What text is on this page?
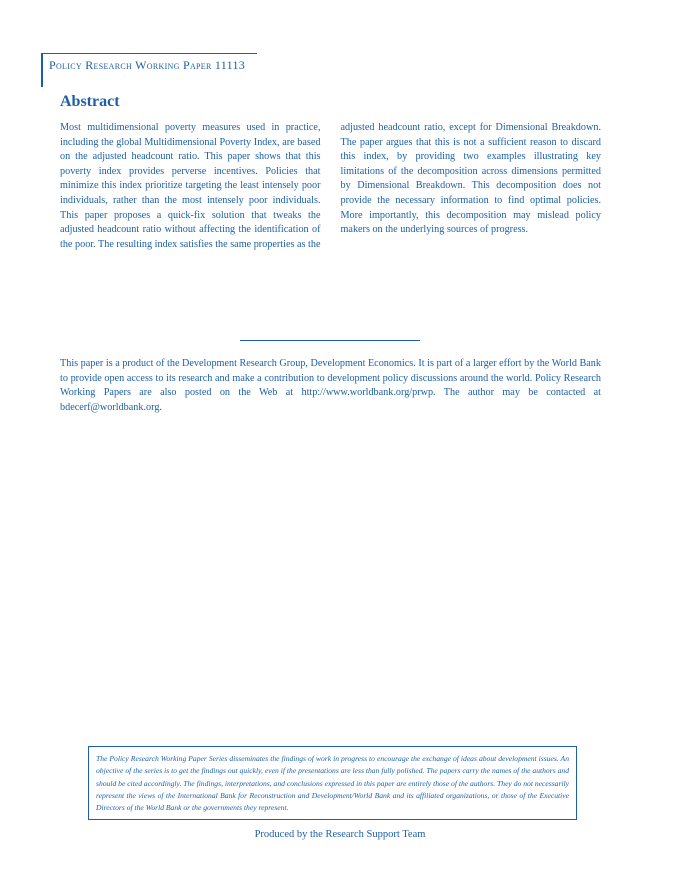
Policy Research Working Paper 11113
Abstract

Most multidimensional poverty measures used in practice, including the global Multidimensional Poverty Index, are based on the adjusted headcount ratio. This paper shows that this poverty index provides perverse incentives. Policies that minimize this index prioritize targeting the least intensely poor individuals, rather than the most intensely poor individuals. This paper proposes a quick-fix solution that tweaks the adjusted headcount ratio without affecting the identification of the poor. The resulting index satisfies the same properties as the adjusted headcount ratio, except for Dimensional Breakdown. The paper argues that this is not a sufficient reason to discard this index, by providing two examples illustrating key limitations of the decomposition across dimensions permitted by Dimensional Breakdown. This decomposition does not provide the necessary information to find optimal policies. More importantly, this decomposition may mislead policy makers on the underlying sources of progress.

This paper is a product of the Development Research Group, Development Economics. It is part of a larger effort by the World Bank to provide open access to its research and make a contribution to development policy discussions around the world. Policy Research Working Papers are also posted on the Web at http://www.worldbank.org/prwp. The author may be contacted at bdecerf@worldbank.org.

The Policy Research Working Paper Series disseminates the findings of work in progress to encourage the exchange of ideas about development issues. An objective of the series is to get the findings out quickly, even if the presentations are less than fully polished. The papers carry the names of the authors and should be cited accordingly. The findings, interpretations, and conclusions expressed in this paper are entirely those of the authors. They do not necessarily represent the views of the International Bank for Reconstruction and Development/World Bank and its affiliated organizations, or those of the Executive Directors of the World Bank or the governments they represent.

Produced by the Research Support Team
